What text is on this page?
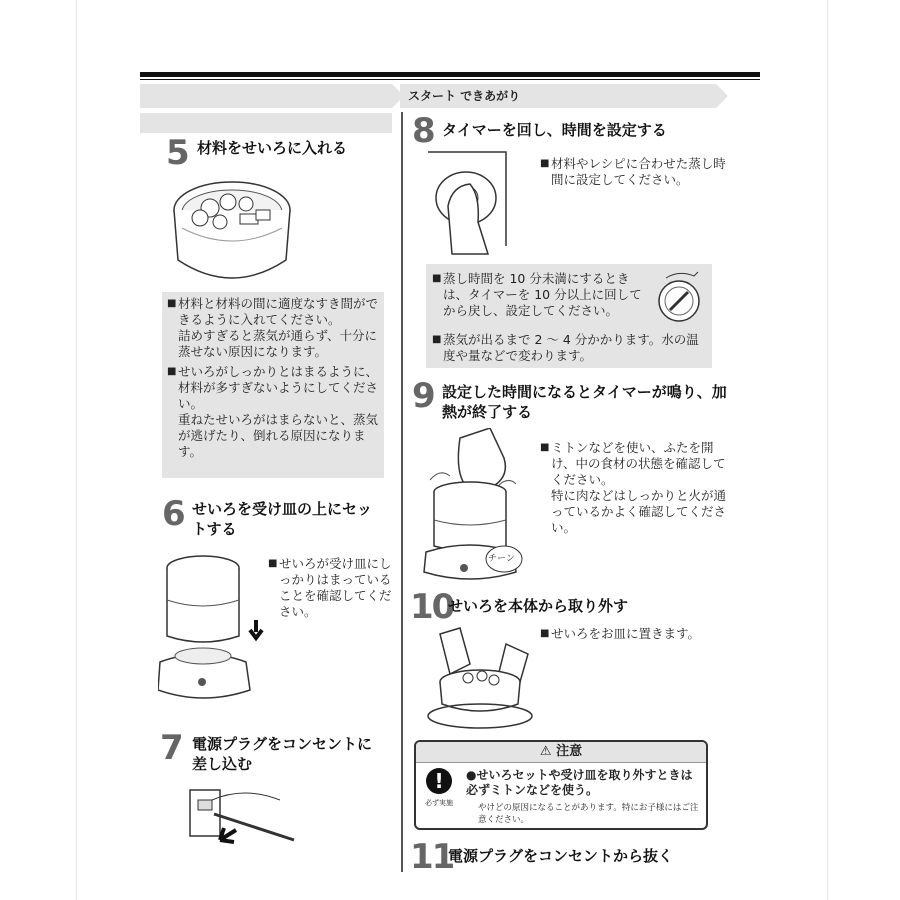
スタート できあがり
5 材料をせいろに入れる
■ 材料と材料の間に適度なすき間ができるように入れてください。

詰めすぎると蒸気が通らず、十分に蒸せない原因になります。

■ せいろがしっかりとはまるように、材料が多すぎないようにしてください。

重ねたせいろがはまらないと、蒸気が逃げたり、倒れる原因になります。

6 せいろを受け皿の上にセットする
■ せいろが受け皿にしっかりはまっていることを確認してください。
7 電源プラグをコンセントに差し込む
8 タイマーを回し、時間を設定する
■ 材料やレシピに合わせた蒸し時間に設定してください。
■ 蒸し時間を 10 分未満にするときは、タイマーを 10 分以上に回してから戻し、設定してください。
■ 蒸気が出るまで 2 〜 4 分かかります。水の温度や量などで変わります。
9 設定した時間になるとタイマーが鳴り、加熱が終了する
チーン
■ ミトンなどを使い、ふたを開け、中の食材の状態を確認してください。

特に肉などはしっかりと火が通っているかよく確認してください。

10
せいろを本体から取り外す
■ せいろをお皿に置きます。
⚠ 注意
!
必ず実施
●せいろセットや受け皿を取り外すときは必ずミトンなどを使う。
やけどの原因になることがあります。特にお子様にはご注意ください。
11
電源プラグをコンセントから抜く
